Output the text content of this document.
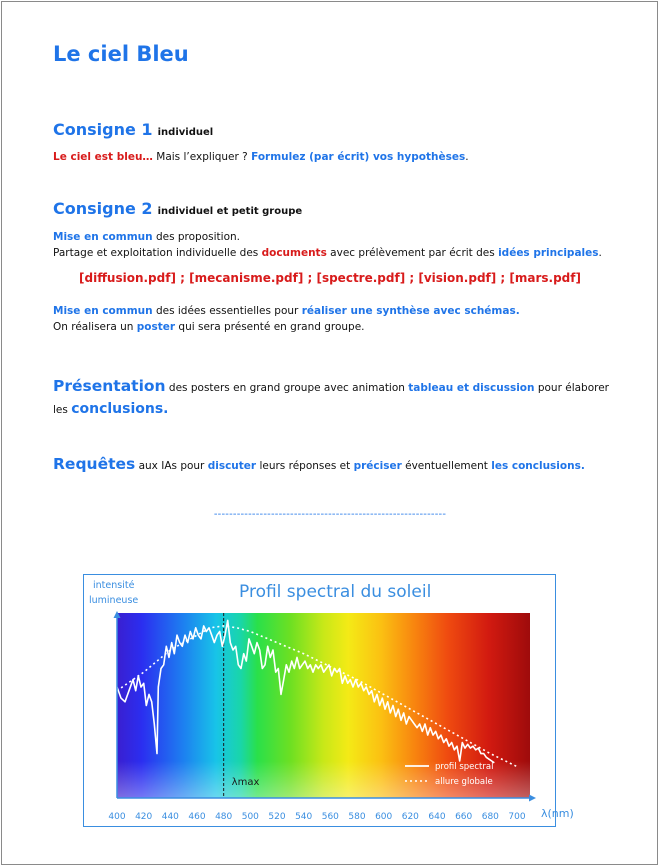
Le ciel Bleu
Consigne 1 individuel
Le ciel est bleu… Mais l’expliquer ? Formulez (par écrit) vos hypothèses.
Consigne 2 individuel et petit groupe
Mise en commun des proposition.
Partage et exploitation individuelle des documents avec prélèvement par écrit des idées principales.
[diffusion.pdf] ; [mecanisme.pdf] ; [spectre.pdf] ; [vision.pdf] ; [mars.pdf]
Mise en commun des idées essentielles pour réaliser une synthèse avec schémas.
On réalisera un poster qui sera présenté en grand groupe.
Présentation des posters en grand groupe avec animation tableau et discussion pour élaborer
les conclusions.
Requêtes aux IAs pour discuter leurs réponses et préciser éventuellement les conclusions.
-------------------------------------------------------------
Profil spectral du soleil
intensité
lumineuse
λ(nm)
400 420 440 460 480 500 520 540 560 580 600 620 640 660 680 700
λmax
profil spectral
allure globale
